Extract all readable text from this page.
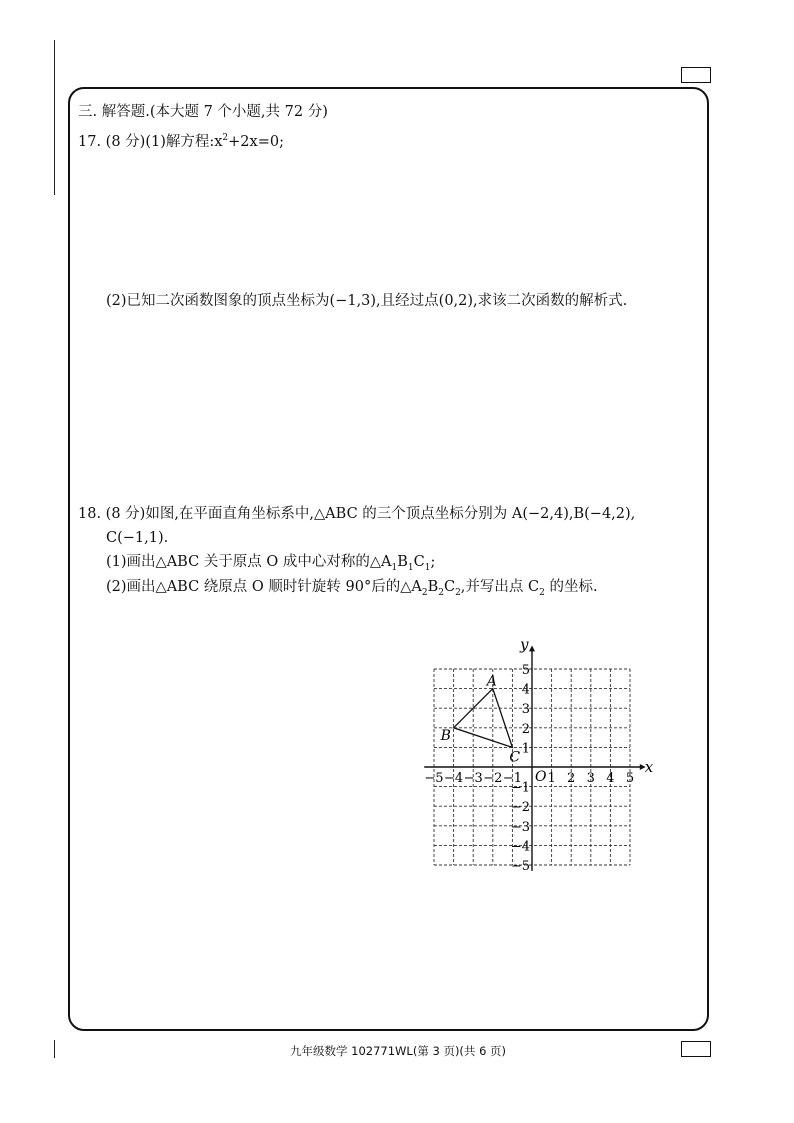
三. 解答题.(本大题 7 个小题,共 72 分)
17. (8 分)(1)解方程$:x^2+2x=0$;
(2)已知二次函数图象的顶点坐标为(−1,3),且经过点(0,2),求该二次函数的解析式.
18. (8 分)如图,在平面直角坐标系中,△ABC 的三个顶点坐标分别为 A(−2,4),B(−4,2),
C(−1,1).
(1)画出△ABC 关于原点 O 成中心对称的$\triangle A_1B_1C_1$;
(2)画出△ABC 绕原点 O 顺时针旋转 90°后的$\triangle A_2B_2C_2$,并写出点 $C_2$ 的坐标.
−5 −4 −3 −2 −1 1 2 3 4 5
5
4
3
2
1
−1
−2
−3
−4
−5
A
B
C
y
x
O
九年级数学 102771WL(第 3 页)(共 6 页)
